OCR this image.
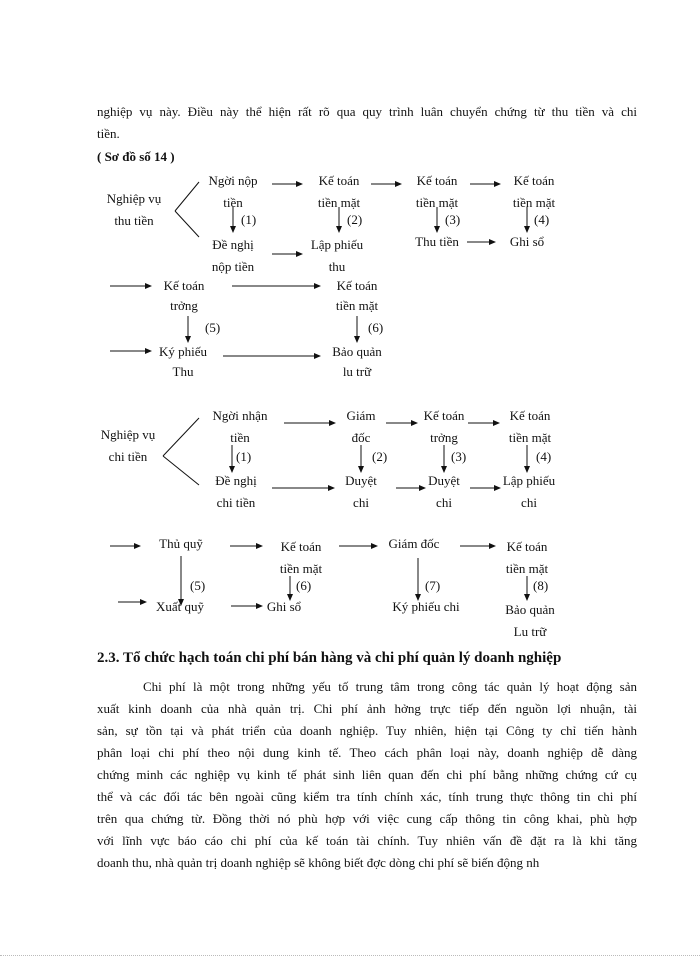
nghiệp vụ này. Điều này thể hiện rất rõ qua quy trình luân chuyển chứng từ thu tiền và chi
tiền.
( Sơ đồ số 14 )
Nghiệp vụ
thu tiền
Ngời nộp
tiền
Kế toán
tiền mặt
Kế toán
tiền mặt
Kế toán
tiền mặt
(1)	(2)	(3)	(4)
Đề nghị
nộp tiền
Lập phiếu
thu
Thu tiền	Ghi sổ
Kế toán
trởng
Kế toán
tiền mặt
(5)	(6)
Ký phiếu
Thu
Bảo quản
lu trữ
Nghiệp vụ
chi tiền
Ngời nhận
tiền
Giám
đốc
Kế toán
trởng
Kế toán
tiền mặt
(1)	(2)	(3)	(4)
Đề nghị
chi tiền
Duyệt
chi
Duyệt
chi
Lập phiếu
chi
Thủ quỹ	Kế toán
tiền mặt
Giám đốc	Kế toán
tiền mặt
(5)	(6)	(7)	(8)
Xuất quỹ	Ghi sổ	Ký phiếu chi	Bảo quản
Lu trữ
2.3. Tổ chức hạch toán chi phí bán hàng và chi phí quản lý doanh nghiệp
Chi phí là một trong những yếu tố trung tâm trong công tác quản lý hoạt động sản
xuất kinh doanh của nhà quản trị. Chi phí ảnh hởng trực tiếp đến nguồn lợi nhuận, tài
sản, sự tồn tại và phát triển của doanh nghiệp. Tuy nhiên, hiện tại Công ty chỉ tiến hành
phân loại chi phí theo nội dung kinh tế. Theo cách phân loại này, doanh nghiệp dễ dàng
chứng minh các nghiệp vụ kinh tế phát sinh liên quan đến chi phí bằng những chứng cứ cụ
thể và các đối tác bên ngoài cũng kiểm tra tính chính xác, tính trung thực thông tin chi phí
trên qua chứng từ. Đồng thời nó phù hợp với việc cung cấp thông tin công khai, phù hợp
với lĩnh vực báo cáo chi phí của kế toán tài chính. Tuy nhiên vấn đề đặt ra là khi tăng
doanh thu, nhà quản trị doanh nghiệp sẽ không biết đợc dòng chi phí sẽ biến động nh
